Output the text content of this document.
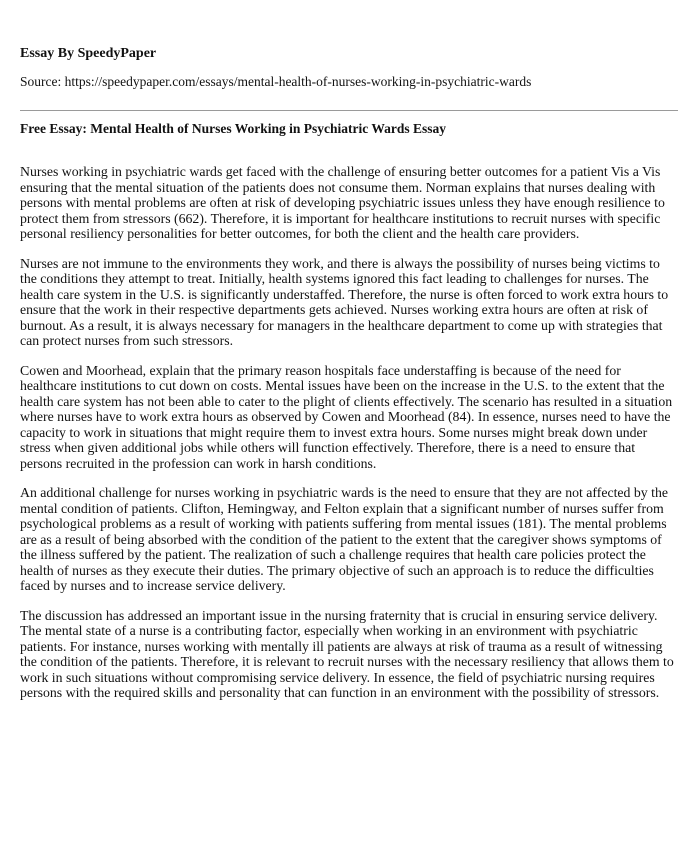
Essay By SpeedyPaper
Source: https://speedypaper.com/essays/mental-health-of-nurses-working-in-psychiatric-wards
Free Essay: Mental Health of Nurses Working in Psychiatric Wards Essay

Nurses working in psychiatric wards get faced with the challenge of ensuring better outcomes for a patient Vis a Vis ensuring that the mental situation of the patients does not consume them. Norman explains that nurses dealing with persons with mental problems are often at risk of developing psychiatric issues unless they have enough resilience to protect them from stressors (662). Therefore, it is important for healthcare institutions to recruit nurses with specific personal resiliency personalities for better outcomes, for both the client and the health care providers.

Nurses are not immune to the environments they work, and there is always the possibility of nurses being victims to the conditions they attempt to treat. Initially, health systems ignored this fact leading to challenges for nurses. The health care system in the U.S. is significantly understaffed. Therefore, the nurse is often forced to work extra hours to ensure that the work in their respective departments gets achieved. Nurses working extra hours are often at risk of burnout. As a result, it is always necessary for managers in the healthcare department to come up with strategies that can protect nurses from such stressors.

Cowen and Moorhead, explain that the primary reason hospitals face understaffing is because of the need for healthcare institutions to cut down on costs. Mental issues have been on the increase in the U.S. to the extent that the health care system has not been able to cater to the plight of clients effectively. The scenario has resulted in a situation where nurses have to work extra hours as observed by Cowen and Moorhead (84). In essence, nurses need to have the capacity to work in situations that might require them to invest extra hours. Some nurses might break down under stress when given additional jobs while others will function effectively. Therefore, there is a need to ensure that persons recruited in the profession can work in harsh conditions.

An additional challenge for nurses working in psychiatric wards is the need to ensure that they are not affected by the mental condition of patients. Clifton, Hemingway, and Felton explain that a significant number of nurses suffer from psychological problems as a result of working with patients suffering from mental issues (181). The mental problems are as a result of being absorbed with the condition of the patient to the extent that the caregiver shows symptoms of the illness suffered by the patient. The realization of such a challenge requires that health care policies protect the health of nurses as they execute their duties. The primary objective of such an approach is to reduce the difficulties faced by nurses and to increase service delivery.

The discussion has addressed an important issue in the nursing fraternity that is crucial in ensuring service delivery. The mental state of a nurse is a contributing factor, especially when working in an environment with psychiatric patients. For instance, nurses working with mentally ill patients are always at risk of trauma as a result of witnessing the condition of the patients. Therefore, it is relevant to recruit nurses with the necessary resiliency that allows them to work in such situations without compromising service delivery. In essence, the field of psychiatric nursing requires persons with the required skills and personality that can function in an environment with the possibility of stressors.
